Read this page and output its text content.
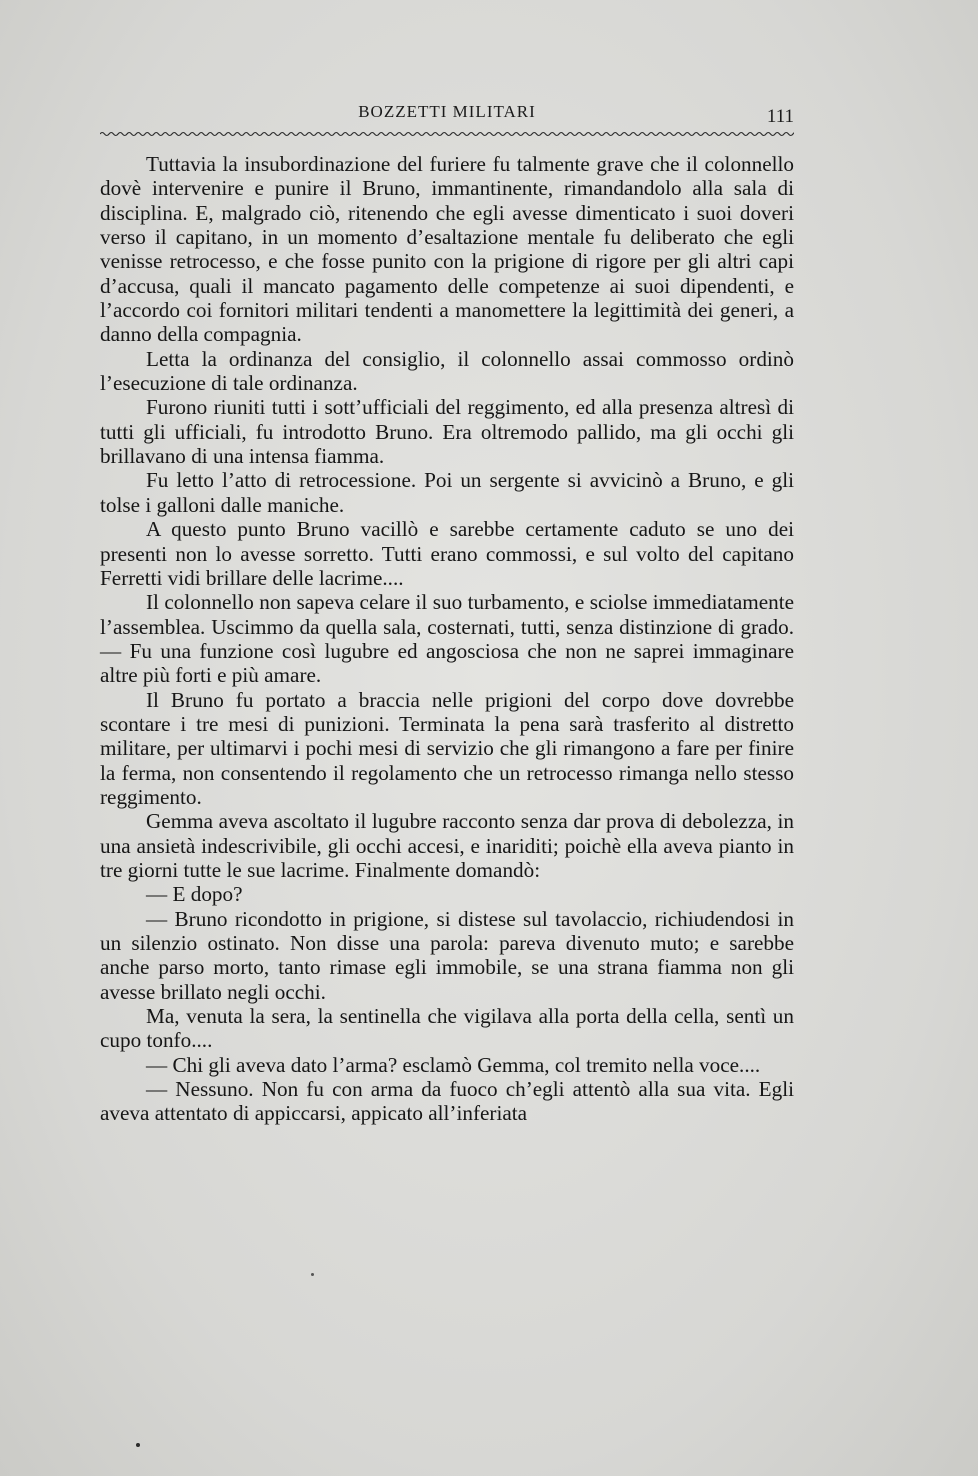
BOZZETTI MILITARI	111

Tuttavia la insubordinazione del furiere fu talmente grave che il colonnello dovè intervenire e punire il Bruno, immantinente, rimandandolo alla sala di disciplina. E, malgrado ciò, ritenendo che egli avesse dimenticato i suoi doveri verso il capitano, in un momento d’esaltazione mentale fu deliberato che egli venisse retrocesso, e che fosse punito con la prigione di rigore per gli altri capi d’accusa, quali il mancato pagamento delle competenze ai suoi dipendenti, e l’accordo coi fornitori militari tendenti a manomettere la legittimità dei generi, a danno della compagnia.

Letta la ordinanza del consiglio, il colonnello assai commosso ordinò l’esecuzione di tale ordinanza.

Furono riuniti tutti i sott’ufficiali del reggimento, ed alla presenza altresì di tutti gli ufficiali, fu introdotto Bruno. Era oltremodo pallido, ma gli occhi gli brillavano di una intensa fiamma.

Fu letto l’atto di retrocessione. Poi un sergente si avvicinò a Bruno, e gli tolse i galloni dalle maniche.

A questo punto Bruno vacillò e sarebbe certamente caduto se uno dei presenti non lo avesse sorretto. Tutti erano commossi, e sul volto del capitano Ferretti vidi brillare delle lacrime....

Il colonnello non sapeva celare il suo turbamento, e sciolse immediatamente l’assemblea. Uscimmo da quella sala, costernati, tutti, senza distinzione di grado. — Fu una funzione così lugubre ed angosciosa che non ne saprei immaginare altre più forti e più amare.

Il Bruno fu portato a braccia nelle prigioni del corpo dove dovrebbe scontare i tre mesi di punizioni. Terminata la pena sarà trasferito al distretto militare, per ultimarvi i pochi mesi di servizio che gli rimangono a fare per finire la ferma, non consentendo il regolamento che un retrocesso rimanga nello stesso reggimento.

Gemma aveva ascoltato il lugubre racconto senza dar prova di debolezza, in una ansietà indescrivibile, gli occhi accesi, e inariditi; poichè ella aveva pianto in tre giorni tutte le sue lacrime. Finalmente domandò:

— E dopo?

— Bruno ricondotto in prigione, si distese sul tavolaccio, richiudendosi in un silenzio ostinato. Non disse una parola: pareva divenuto muto; e sarebbe anche parso morto, tanto rimase egli immobile, se una strana fiamma non gli avesse brillato negli occhi.

Ma, venuta la sera, la sentinella che vigilava alla porta della cella, sentì un cupo tonfo....

— Chi gli aveva dato l’arma? esclamò Gemma, col tremito nella voce....

— Nessuno. Non fu con arma da fuoco ch’egli attentò alla sua vita. Egli aveva attentato di appiccarsi, appicato all’inferiata
